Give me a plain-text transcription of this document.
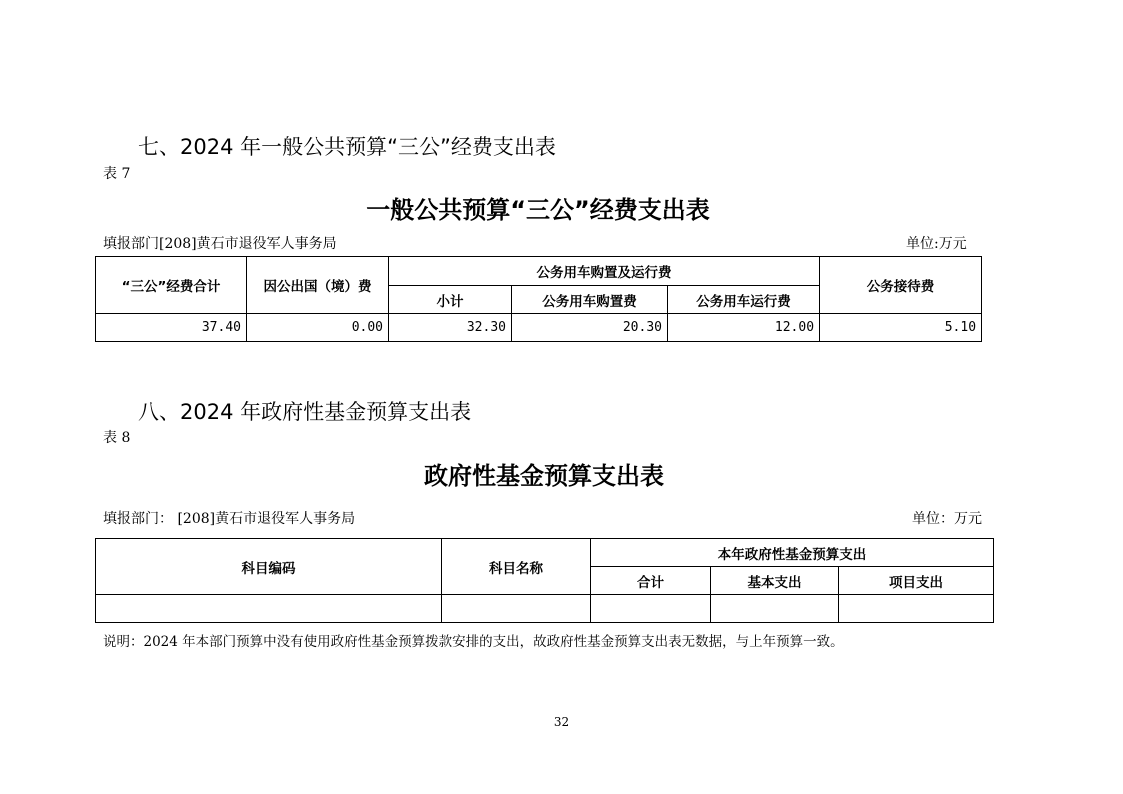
七、2024 年一般公共预算“三公”经费支出表
表 7
一般公共预算“三公”经费支出表
填报部门[208]黄石市退役军人事务局	单位:万元
“三公”经费合计	因公出国（境）费	公务用车购置及运行费			公务接待费
		小计	公务用车购置费	公务用车运行费	
37.40	0.00	32.30	20.30	12.00	5.10
八、2024 年政府性基金预算支出表
表 8
政府性基金预算支出表
填报部门： [208]黄石市退役军人事务局	单位：万元
科目编码	科目名称	本年政府性基金预算支出		
		合计	基本支出	项目支出

说明：2024 年本部门预算中没有使用政府性基金预算拨款安排的支出，故政府性基金预算支出表无数据，与上年预算一致。
32
